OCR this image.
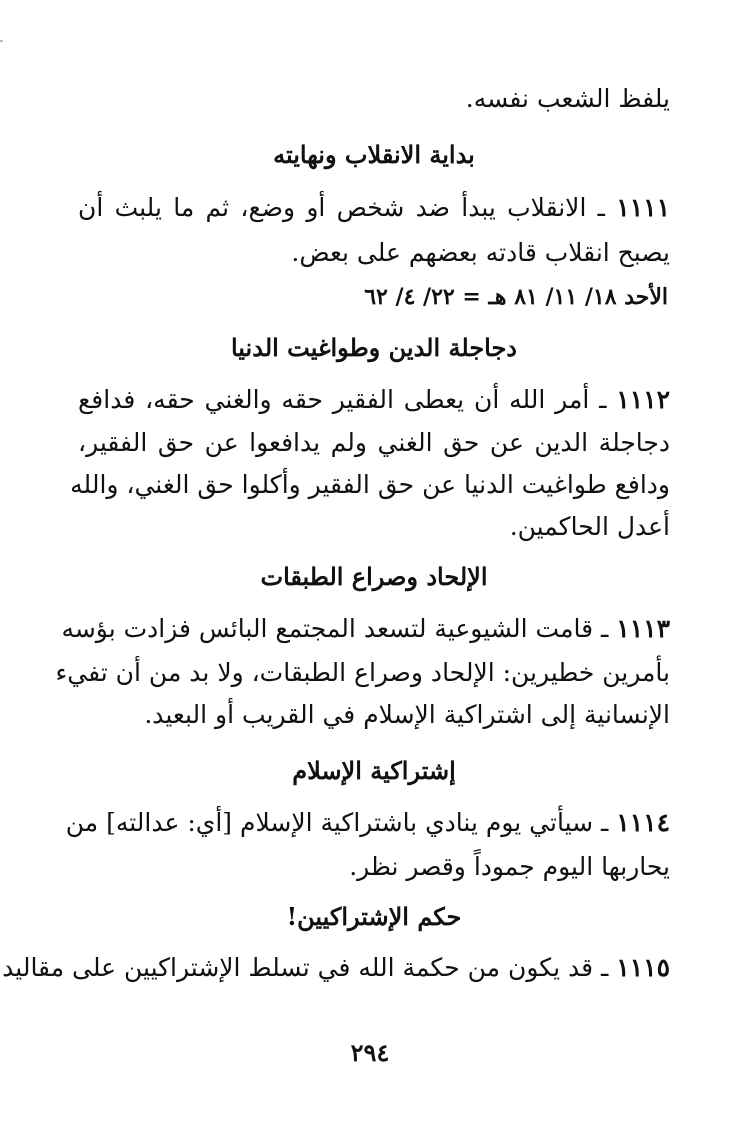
يلفظ الشعب نفسه.
بداية الانقلاب ونهايته
١١١١ ـ الانقلاب يبدأ ضد شخص أو وضع، ثم ما يلبث أن
يصبح انقلاب قادته بعضهم على بعض.
الأحد ١٨/ ١١/ ٨١ هـ = ٢٢/ ٤/ ٦٢
دجاجلة الدين وطواغيت الدنيا
١١١٢ ـ أمر الله أن يعطى الفقير حقه والغني حقه، فدافع
دجاجلة الدين عن حق الغني ولم يدافعوا عن حق الفقير،
ودافع طواغيت الدنيا عن حق الفقير وأكلوا حق الغني، والله
أعدل الحاكمين.
الإلحاد وصراع الطبقات
١١١٣ ـ قامت الشيوعية لتسعد المجتمع البائس فزادت بؤسه
بأمرين خطيرين: الإلحاد وصراع الطبقات، ولا بد من أن تفيء
الإنسانية إلى اشتراكية الإسلام في القريب أو البعيد.
إشتراكية الإسلام
١١١٤ ـ سيأتي يوم ينادي باشتراكية الإسلام [أي: عدالته] من
يحاربها اليوم جموداً وقصر نظر.
حكم الإشتراكيين!
١١١٥ ـ قد يكون من حكمة الله في تسلط الإشتراكيين على مقاليد
٢٩٤
